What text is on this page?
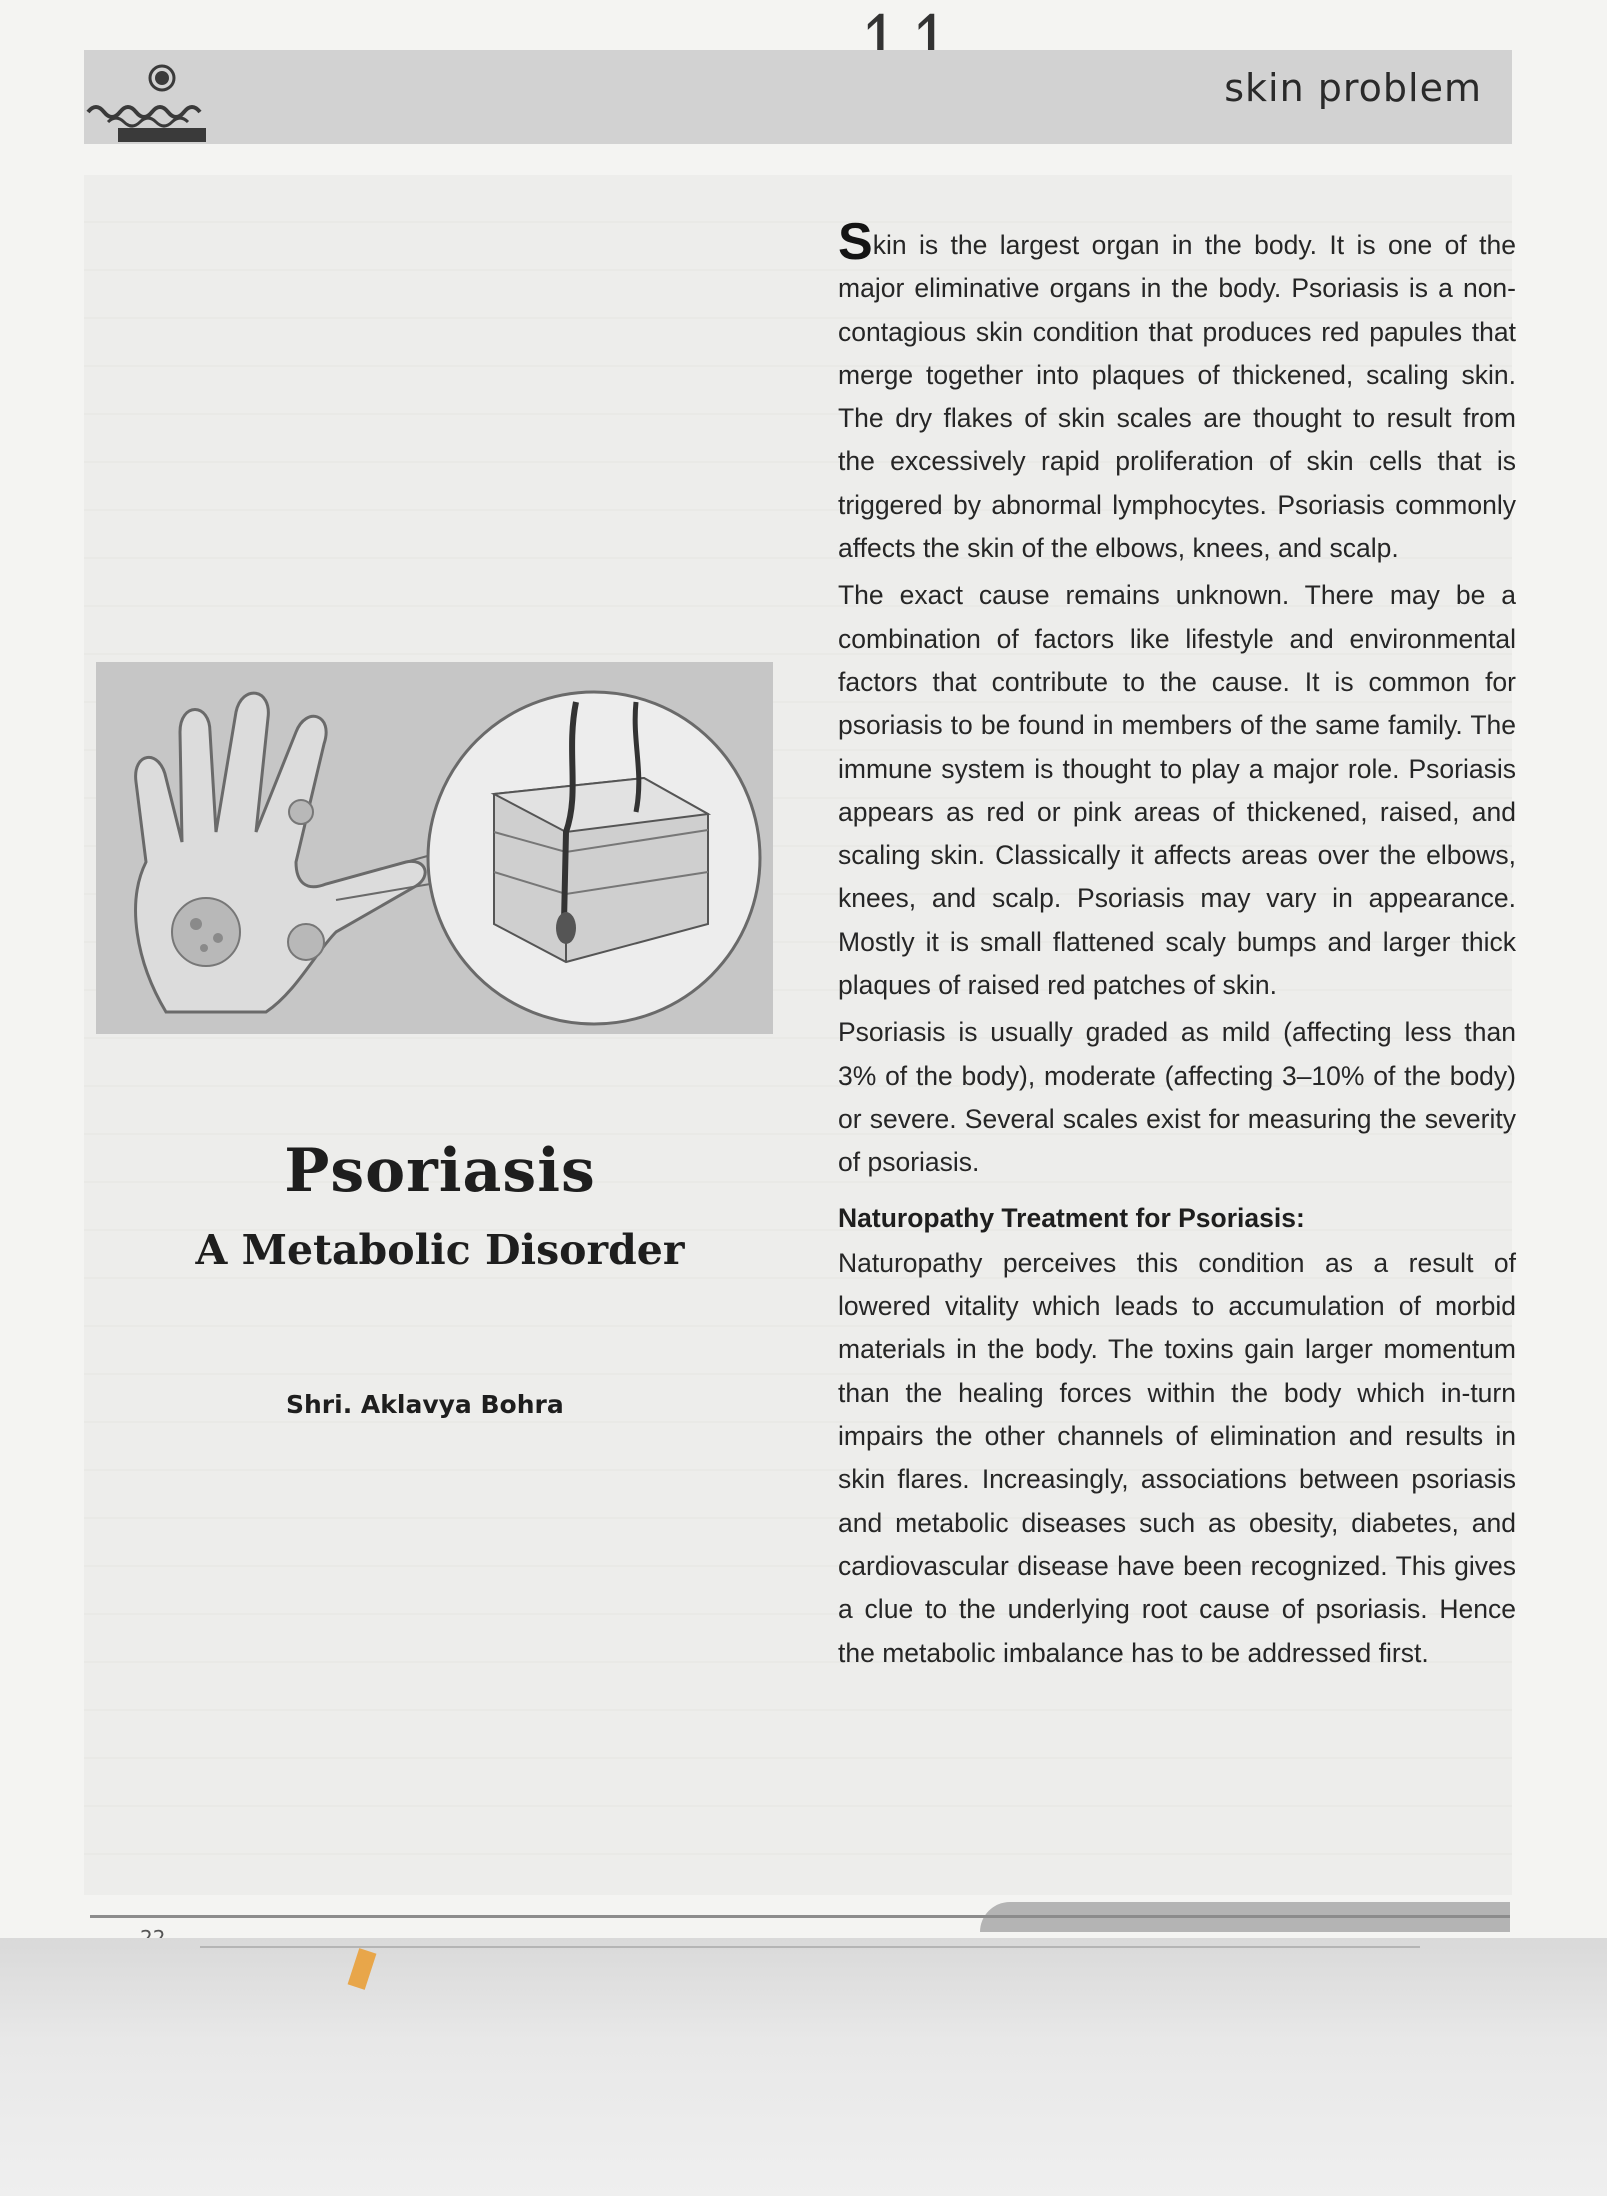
skin problem
Psoriasis
A Metabolic Disorder
Shri. Aklavya Bohra

Skin is the largest organ in the body. It is one of the major eliminative organs in the body. Psoriasis is a non-contagious skin condition that produces red papules that merge together into plaques of thickened, scaling skin. The dry flakes of skin scales are thought to result from the excessively rapid proliferation of skin cells that is triggered by abnormal lymphocytes. Psoriasis commonly affects the skin of the elbows, knees, and scalp.

The exact cause remains unknown. There may be a combination of factors like lifestyle and environmental factors that contribute to the cause. It is common for psoriasis to be found in members of the same family. The immune system is thought to play a major role. Psoriasis appears as red or pink areas of thickened, raised, and scaling skin. Classically it affects areas over the elbows, knees, and scalp. Psoriasis may vary in appearance. Mostly it is small flattened scaly bumps and larger thick plaques of raised red patches of skin.

Psoriasis is usually graded as mild (affecting less than 3% of the body), moderate (affecting 3–10% of the body) or severe. Several scales exist for measuring the severity of psoriasis.

Naturopathy Treatment for Psoriasis:

Naturopathy perceives this condition as a result of lowered vitality which leads to accumulation of morbid materials in the body. The toxins gain larger momentum than the healing forces within the body which in-turn impairs the other channels of elimination and results in skin flares. Increasingly, associations between psoriasis and metabolic diseases such as obesity, diabetes, and cardiovascular disease have been recognized. This gives a clue to the underlying root cause of psoriasis. Hence the metabolic imbalance has to be addressed first.
